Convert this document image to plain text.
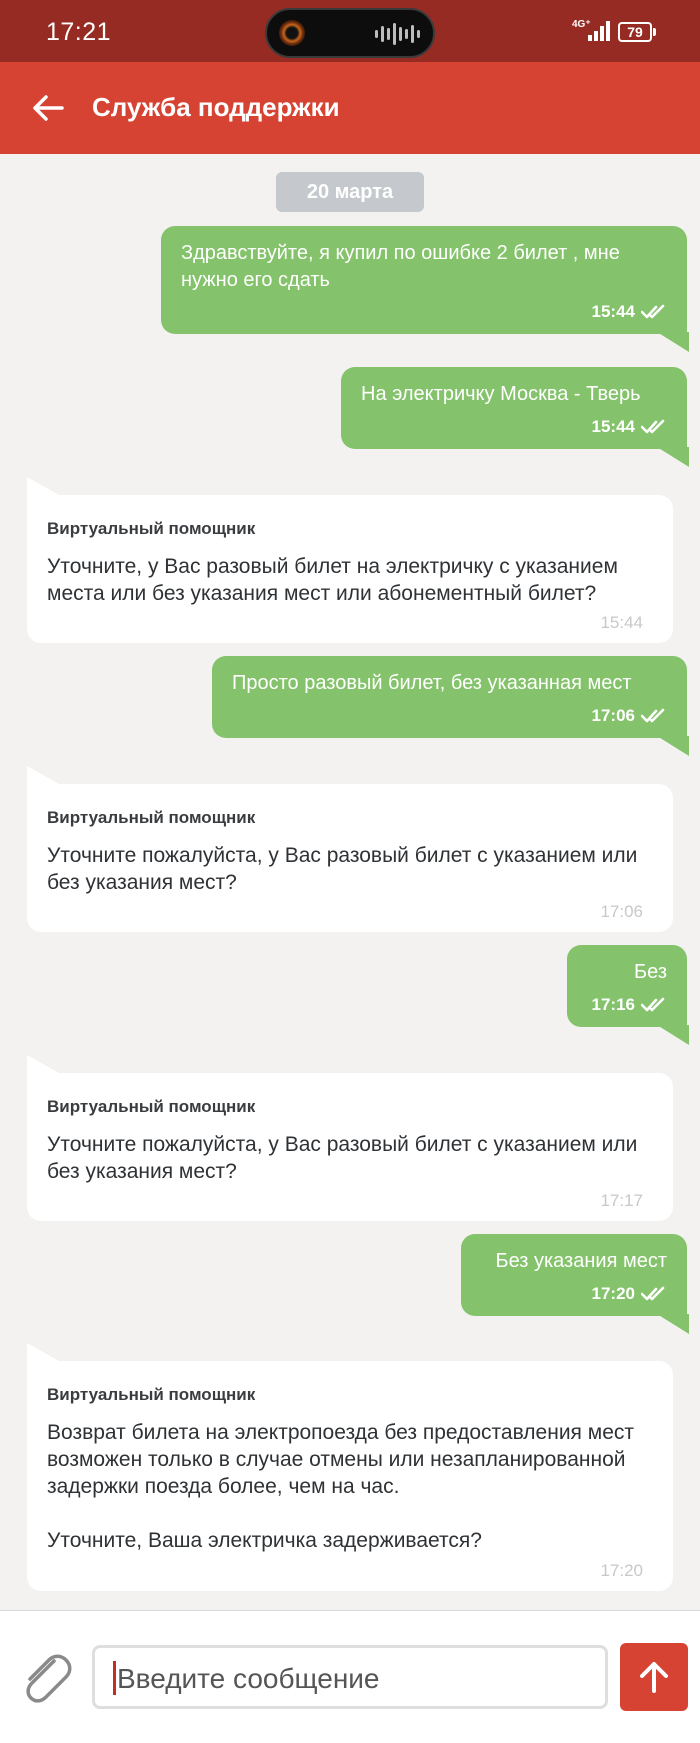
17:21	4G⁺	79
Служба поддержки
20 марта
Здравствуйте, я купил по ошибке 2 билет , мне нужно его сдать
15:44
На электричку Москва - Тверь
15:44
Виртуальный помощник
Уточните, у Вас разовый билет на электричку с указанием места или без указания мест или абонементный билет?
15:44
Просто разовый билет, без указанная мест
17:06
Виртуальный помощник
Уточните пожалуйста, у Вас разовый билет с указанием или без указания мест?
17:06
Без
17:16
Виртуальный помощник
Уточните пожалуйста, у Вас разовый билет с указанием или без указания мест?
17:17
Без указания мест
17:20
Виртуальный помощник
Возврат билета на электропоезда без предоставления мест возможен только в случае отмены или незапланированной задержки поезда более, чем на час.
Уточните, Ваша электричка задерживается?
17:20
Введите сообщение
